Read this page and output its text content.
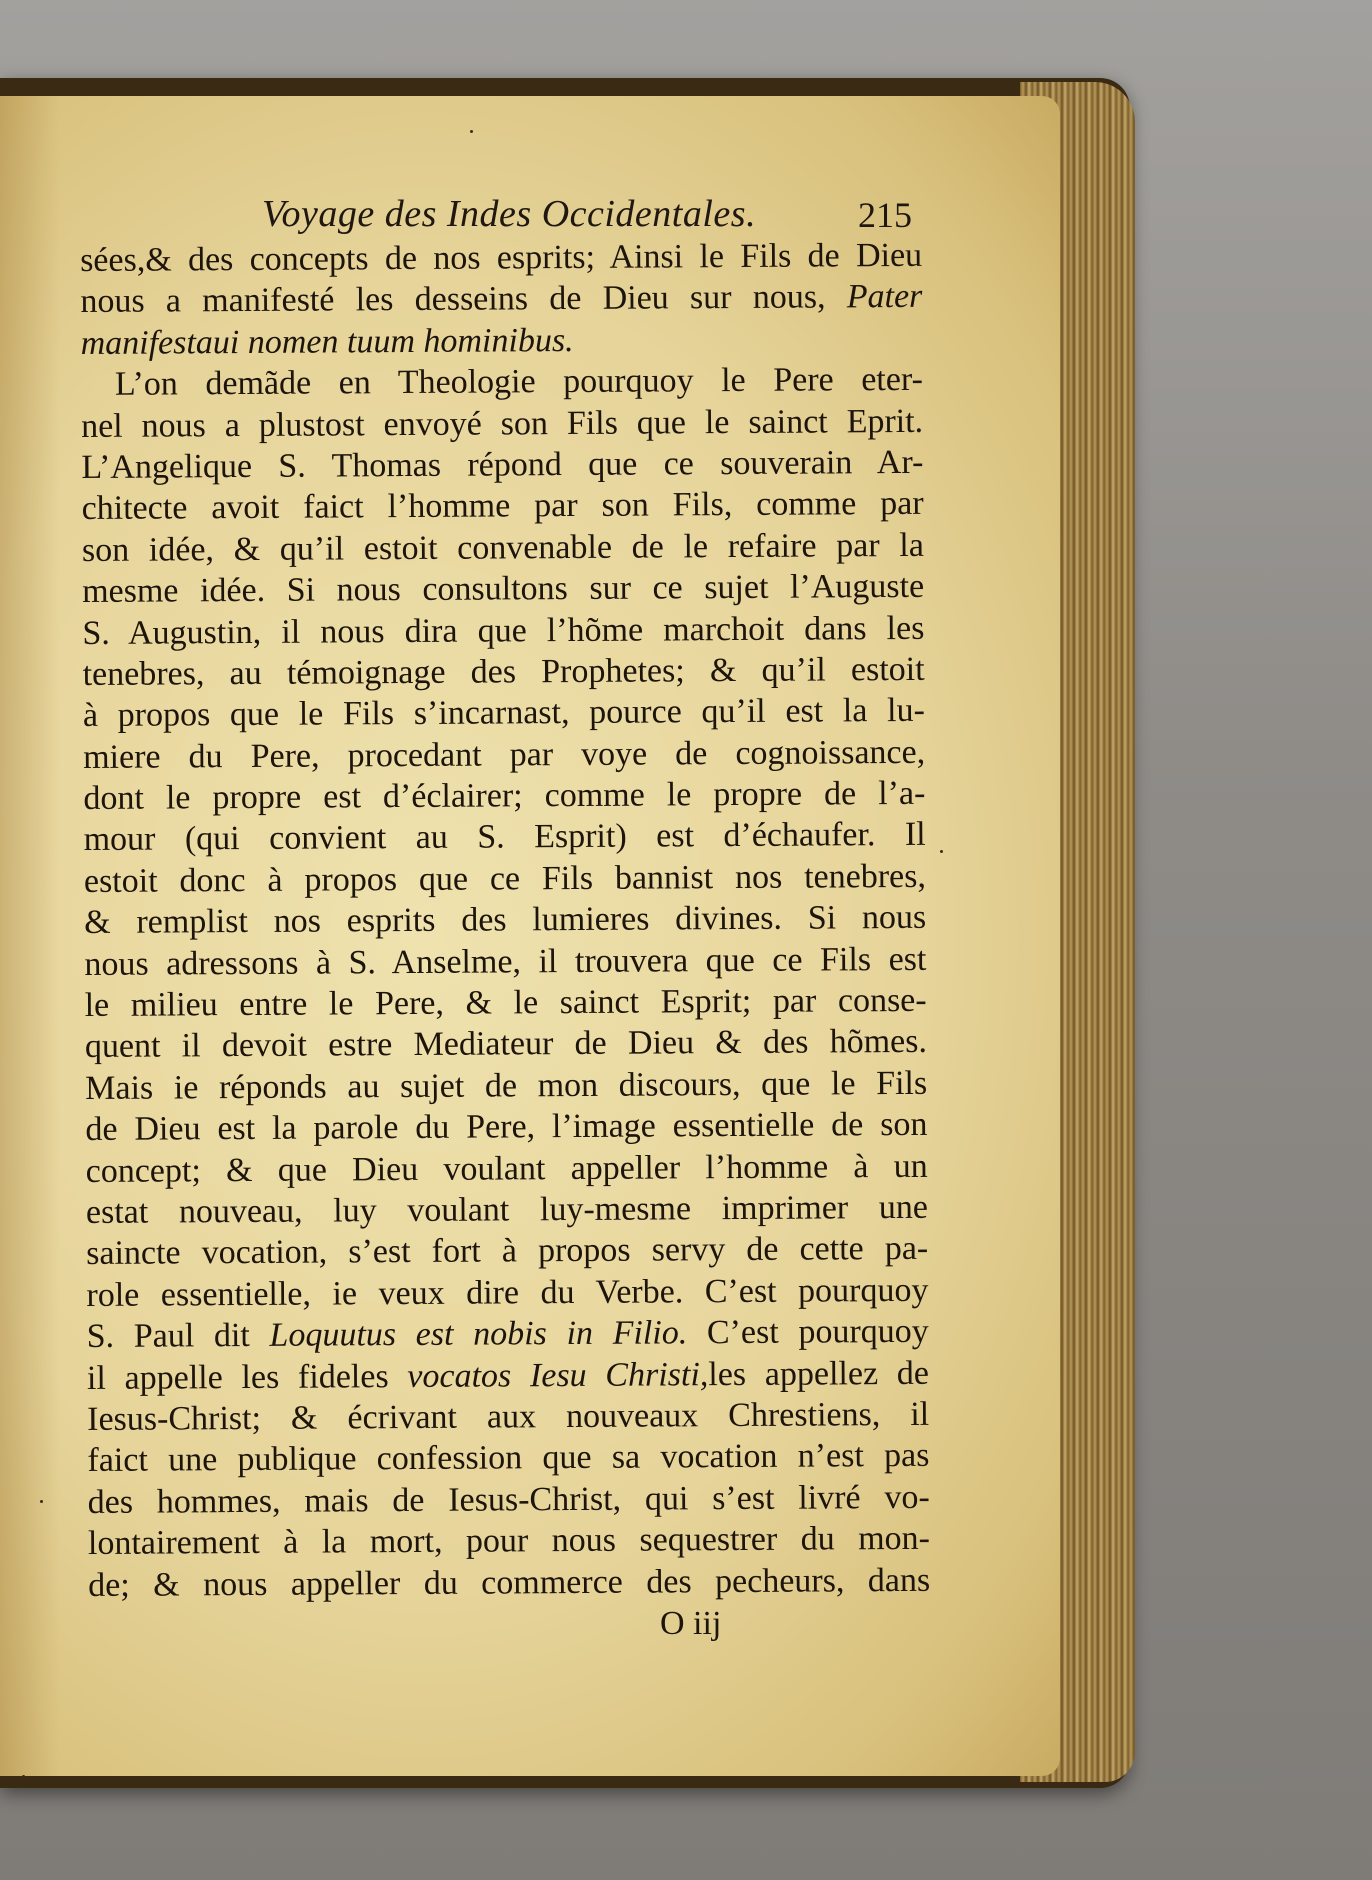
Voyage des Indes Occidentales.	215
sées,& des concepts de nos esprits; Ainsi le Fils de Dieu
nous a manifesté les desseins de Dieu sur nous, Pater
manifestaui nomen tuum hominibus.
L’on demãde en Theologie pourquoy le Pere eter-
nel nous a plustost envoyé son Fils que le sainct Eprit.
L’Angelique S. Thomas répond que ce souverain Ar-
chitecte avoit faict l’homme par son Fils, comme par
son idée, & qu’il estoit convenable de le refaire par la
mesme idée. Si nous consultons sur ce sujet l’Auguste
S. Augustin, il nous dira que l’hõme marchoit dans les
tenebres, au témoignage des Prophetes; & qu’il estoit
à propos que le Fils s’incarnast, pource qu’il est la lu-
miere du Pere, procedant par voye de cognoissance,
dont le propre est d’éclairer; comme le propre de l’a-
mour (qui convient au S. Esprit) est d’échaufer. Il
estoit donc à propos que ce Fils bannist nos tenebres,
& remplist nos esprits des lumieres divines. Si nous
nous adressons à S. Anselme, il trouvera que ce Fils est
le milieu entre le Pere, & le sainct Esprit; par conse-
quent il devoit estre Mediateur de Dieu & des hõmes.
Mais ie réponds au sujet de mon discours, que le Fils
de Dieu est la parole du Pere, l’image essentielle de son
concept; & que Dieu voulant appeller l’homme à un
estat nouveau, luy voulant luy-mesme imprimer une
saincte vocation, s’est fort à propos servy de cette pa-
role essentielle, ie veux dire du Verbe. C’est pourquoy
S. Paul dit Loquutus est nobis in Filio. C’est pourquoy
il appelle les fideles vocatos Iesu Christi,les appellez de
Iesus-Christ; & écrivant aux nouveaux Chrestiens, il
faict une publique confession que sa vocation n’est pas
des hommes, mais de Iesus-Christ, qui s’est livré vo-
lontairement à la mort, pour nous sequestrer du mon-
de; & nous appeller du commerce des pecheurs, dans
O iij
